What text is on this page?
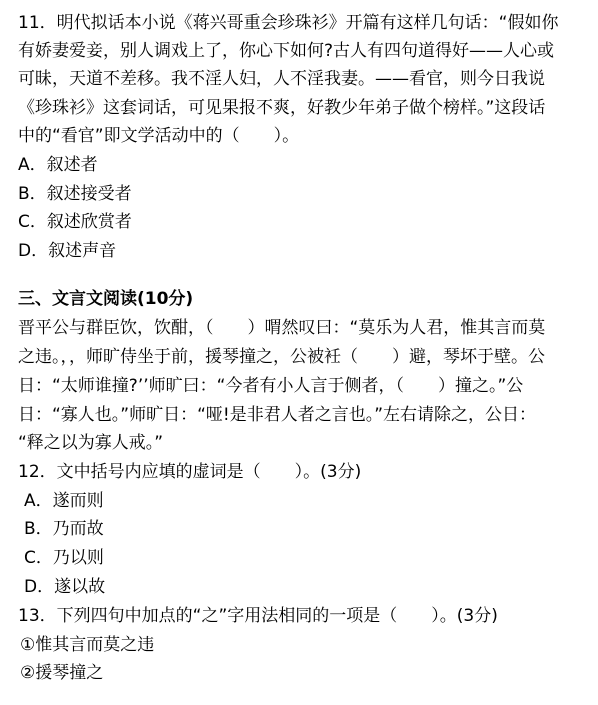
11．明代拟话本小说《蒋兴哥重会珍珠衫》开篇有这样几句话：“假如你
有娇妻爱妾，别人调戏上了，你心下如何?古人有四句道得好——人心或
可昧，天道不差移。我不淫人妇，人不淫我妻。——看官，则今日我说
《珍珠衫》这套词话，可见果报不爽，好教少年弟子做个榜样。”这段话
中的“看官”即文学活动中的（　　）。
A．叙述者
B．叙述接受者
C．叙述欣赏者
D．叙述声音
三、文言文阅读(10分)
晋平公与群臣饮，饮酣，（　　）喟然叹曰：“莫乐为人君，惟其言而莫
之违。，，师旷侍坐于前，援琴撞之，公被衽（　　）避，琴坏于壁。公
日：“太师谁撞?’’师旷曰：“今者有小人言于侧者，（　　）撞之。”公
日：“寡人也。”师旷日：“哑!是非君人者之言也。”左右请除之，公日：
“释之以为寡人戒。”
12．文中括号内应填的虚词是（　　）。(3分)
A．遂而则
B．乃而故
C．乃以则
D．遂以故
13．下列四句中加点的“之”字用法相同的一项是（　　）。(3分)
①惟其言而莫之违
②援琴撞之
